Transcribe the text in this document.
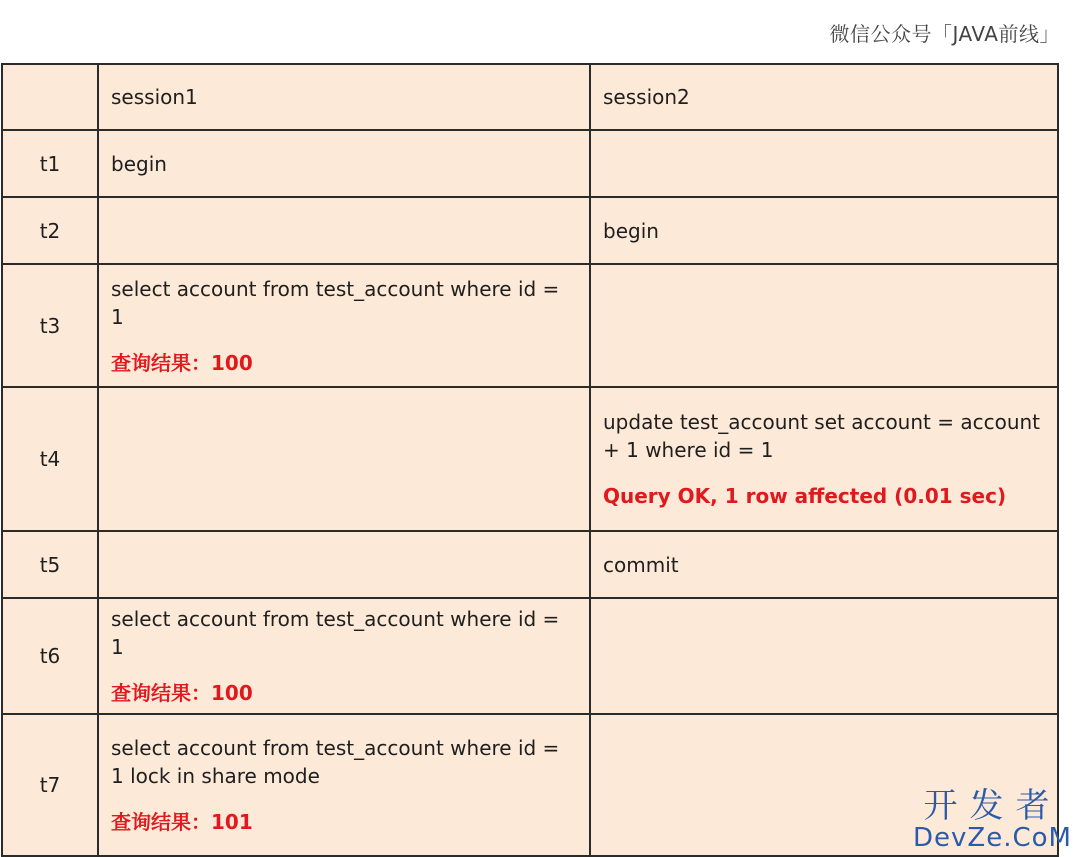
微信公众号「JAVA前线」
	session1	session2
t1	begin	

t2		begin

t3	select account from test_account where id = 1
查询结果：100	

t4		update test_account set account = account + 1 where id = 1
Query OK, 1 row affected (0.01 sec)

t5		commit

t6	select account from test_account where id = 1
查询结果：100	

t7	select account from test_account where id = 1 lock in share mode
查询结果：101	
		开发者
DevZe.CoM
